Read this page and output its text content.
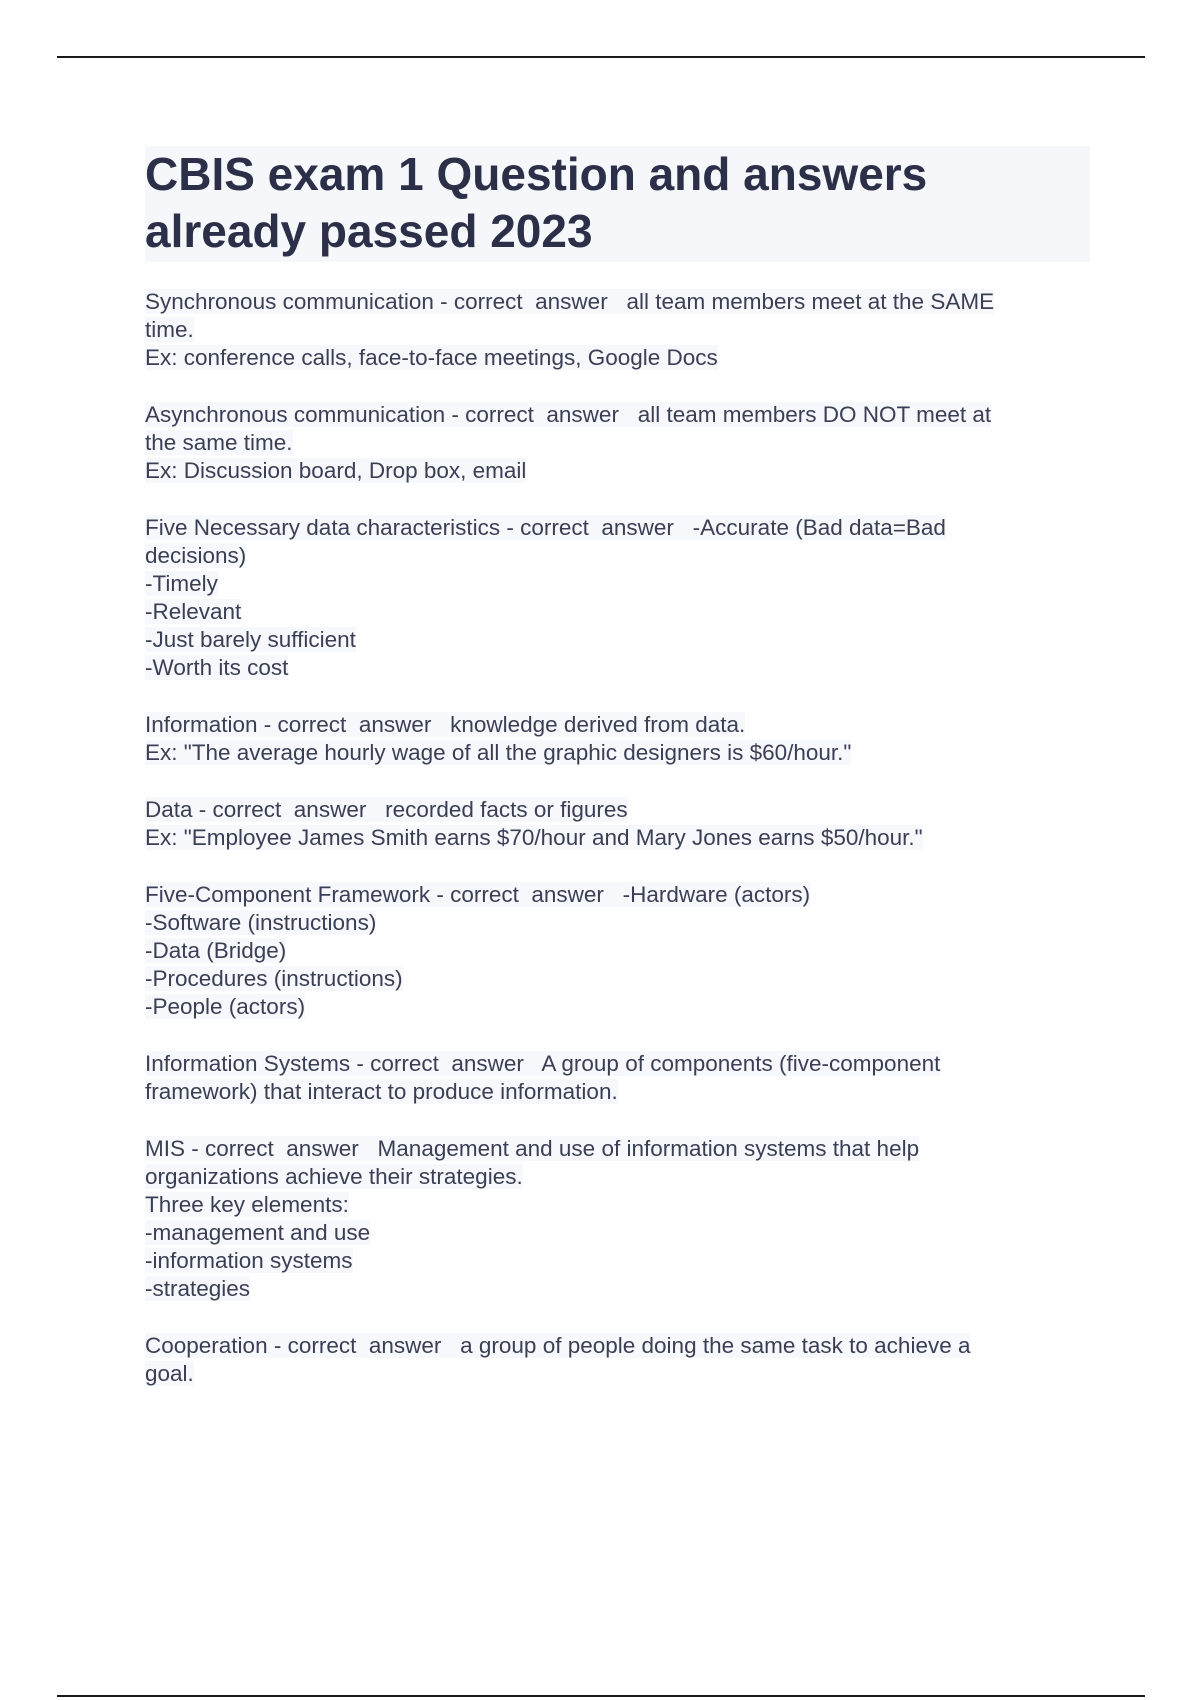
CBIS exam 1 Question and answers
already passed 2023
Synchronous communication - correct  answer   all team members meet at the SAME
time.
Ex: conference calls, face-to-face meetings, Google Docs
Asynchronous communication - correct  answer   all team members DO NOT meet at
the same time.
Ex: Discussion board, Drop box, email
Five Necessary data characteristics - correct  answer   -Accurate (Bad data=Bad
decisions)
-Timely
-Relevant
-Just barely sufficient
-Worth its cost
Information - correct  answer   knowledge derived from data.
Ex: "The average hourly wage of all the graphic designers is $60/hour."
Data - correct  answer   recorded facts or figures
Ex: "Employee James Smith earns $70/hour and Mary Jones earns $50/hour."
Five-Component Framework - correct  answer   -Hardware (actors)
-Software (instructions)
-Data (Bridge)
-Procedures (instructions)
-People (actors)
Information Systems - correct  answer   A group of components (five-component
framework) that interact to produce information.
MIS - correct  answer   Management and use of information systems that help
organizations achieve their strategies.
Three key elements:
-management and use
-information systems
-strategies
Cooperation - correct  answer   a group of people doing the same task to achieve a
goal.
